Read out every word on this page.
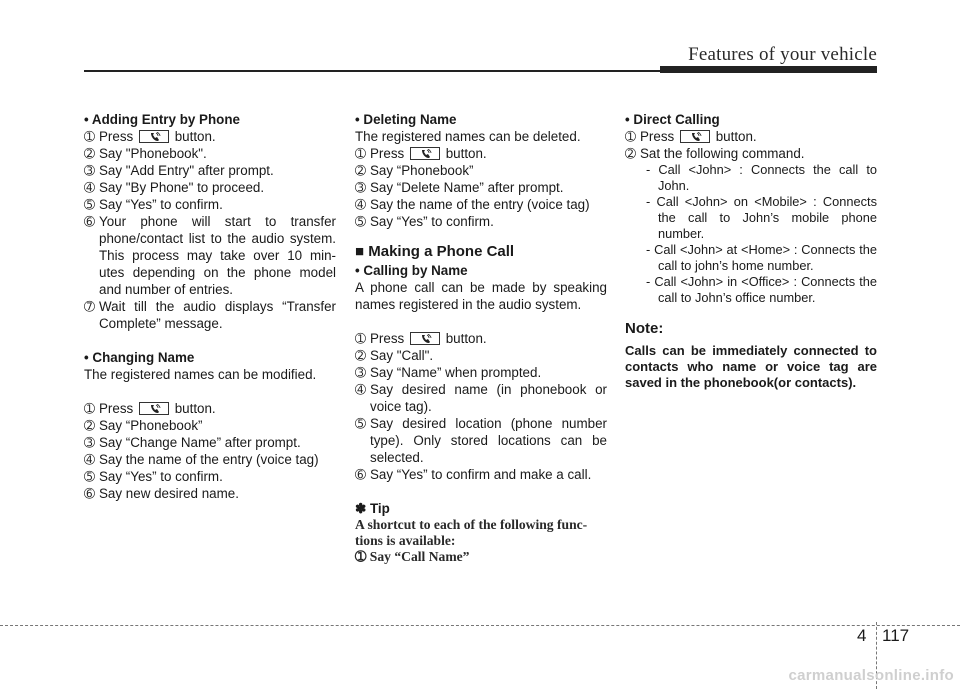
Features of your vehicle

• Adding Entry by Phone

➀ Press	button.
➁ Say "Phonebook".
➂ Say "Add Entry" after prompt.
➃ Say "By Phone" to proceed.
➄ Say “Yes” to confirm.
➅ Your phone will start to transfer phone/contact list to the audio system. This process may take over 10 min-utes depending on the phone model and number of entries.
➆ Wait till the audio displays “Transfer Complete” message.

• Changing Name

The registered names can be modified.

➀ Press	button.
➁ Say “Phonebook”
➂ Say “Change Name” after prompt.
➃ Say the name of the entry (voice tag)
➄ Say “Yes” to confirm.
➅ Say new desired name.

• Deleting Name

The registered names can be deleted.

➀ Press	button.
➁ Say “Phonebook”
➂ Say “Delete Name” after prompt.
➃ Say the name of the entry (voice tag)
➄ Say “Yes” to confirm.

■ Making a Phone Call

• Calling by Name

A phone call can be made by speaking names registered in the audio system.

➀ Press	button.
➁ Say "Call".
➂ Say “Name” when prompted.
➃ Say desired name (in phonebook or voice tag).
➄ Say desired location (phone number type). Only stored locations can be selected.
➅ Say “Yes” to confirm and make a call.

✽ Tip

A shortcut to each of the following func-tions is available:

➀ Say “Call Name”

• Direct Calling

➀ Press	button.
➁ Sat the following command.
- Call <John> : Connects the call to John.
- Call <John> on <Mobile> : Connects the call to John’s mobile phone number.
- Call <John> at <Home> : Connects the call to john’s home number.
- Call <John> in <Office> : Connects the call to John’s office number.

Note:

Calls can be immediately connected to contacts who name or voice tag are saved in the phonebook(or contacts).

4 117
carmanualsonline.info
